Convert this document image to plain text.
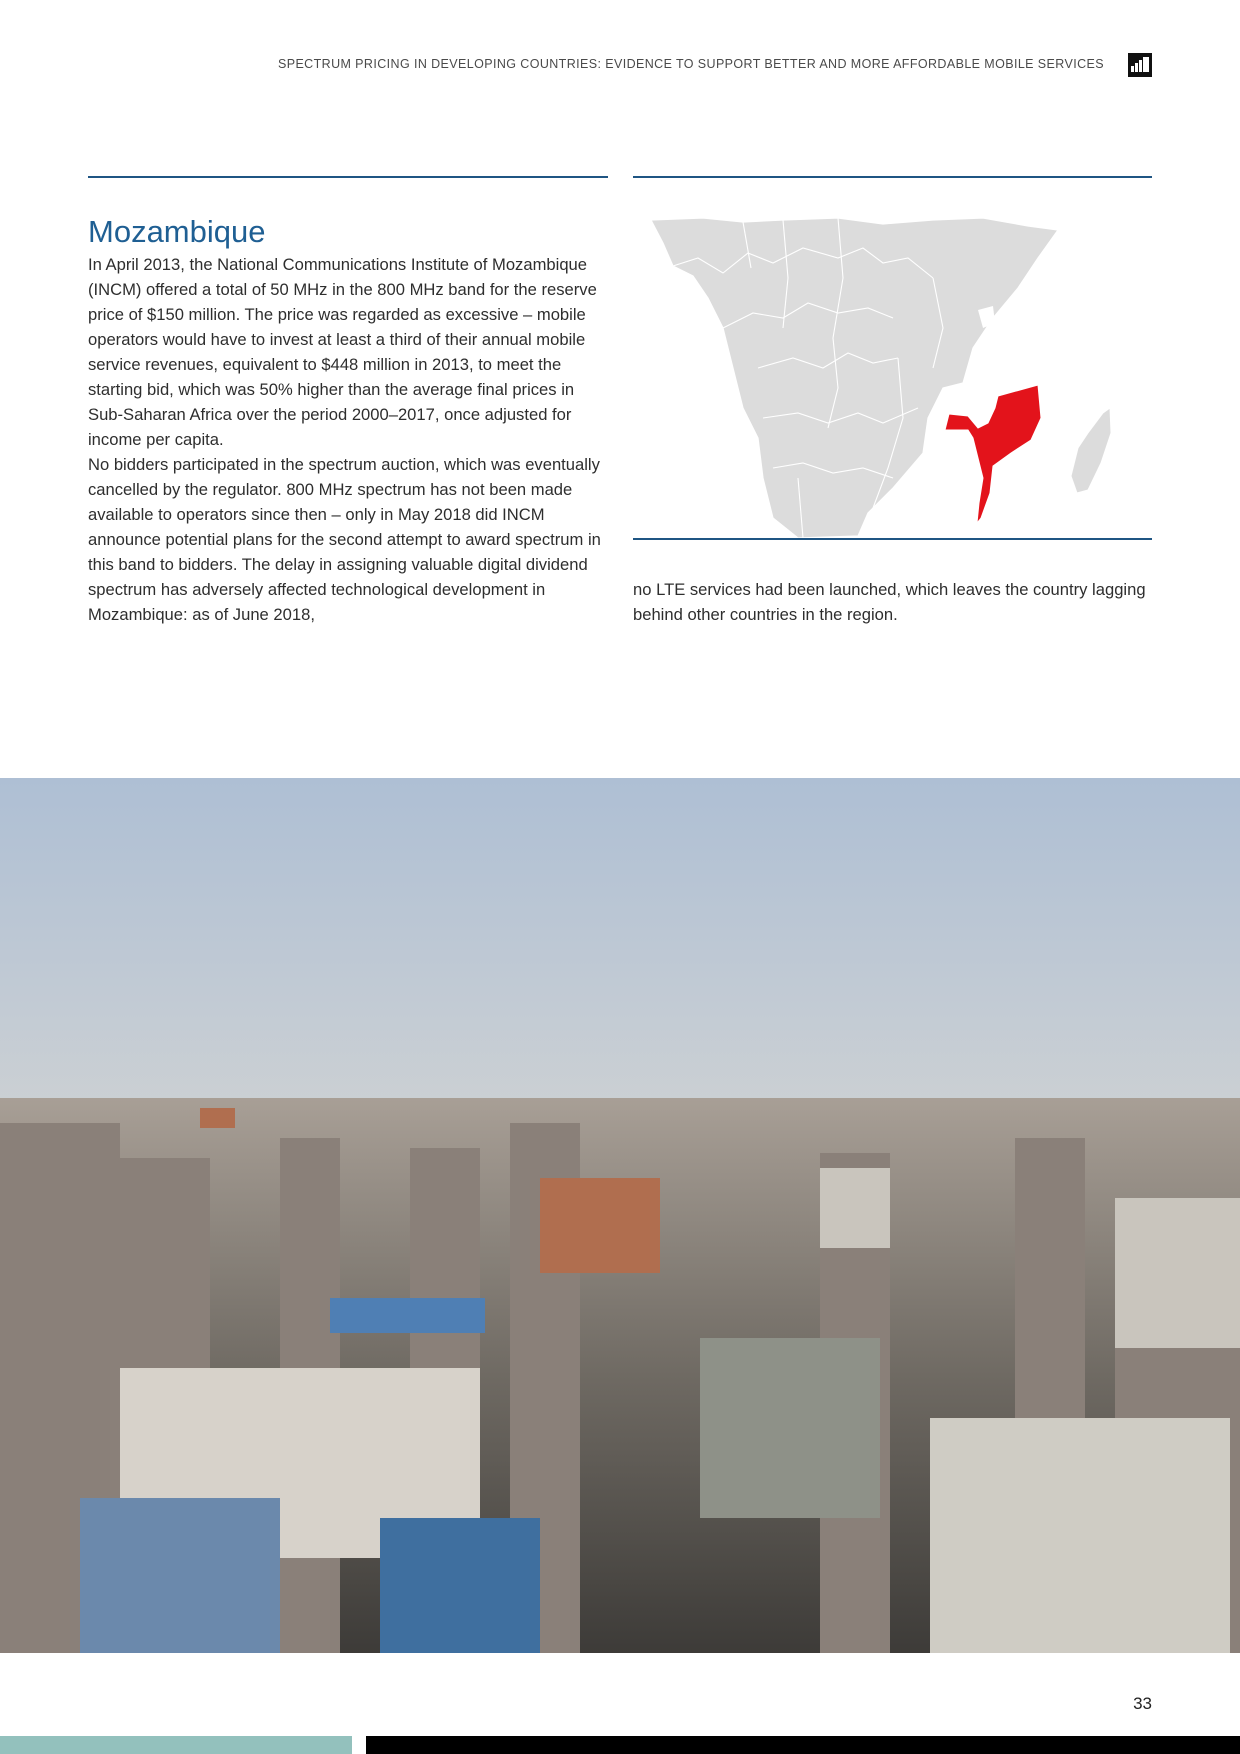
SPECTRUM PRICING IN DEVELOPING COUNTRIES: EVIDENCE TO SUPPORT BETTER AND MORE AFFORDABLE MOBILE SERVICES
Mozambique

In April 2013, the National Communications Institute of Mozambique (INCM) offered a total of 50 MHz in the 800 MHz band for the reserve price of $150 million. The price was regarded as excessive – mobile operators would have to invest at least a third of their annual mobile service revenues, equivalent to $448 million in 2013, to meet the starting bid, which was 50% higher than the average final prices in Sub-Saharan Africa over the period 2000–2017, once adjusted for income per capita.

No bidders participated in the spectrum auction, which was eventually cancelled by the regulator. 800 MHz spectrum has not been made available to operators since then – only in May 2018 did INCM announce potential plans for the second attempt to award spectrum in this band to bidders. The delay in assigning valuable digital dividend spectrum has adversely affected technological development in Mozambique: as of June 2018,

no LTE services had been launched, which leaves the country lagging behind other countries in the region.

33
